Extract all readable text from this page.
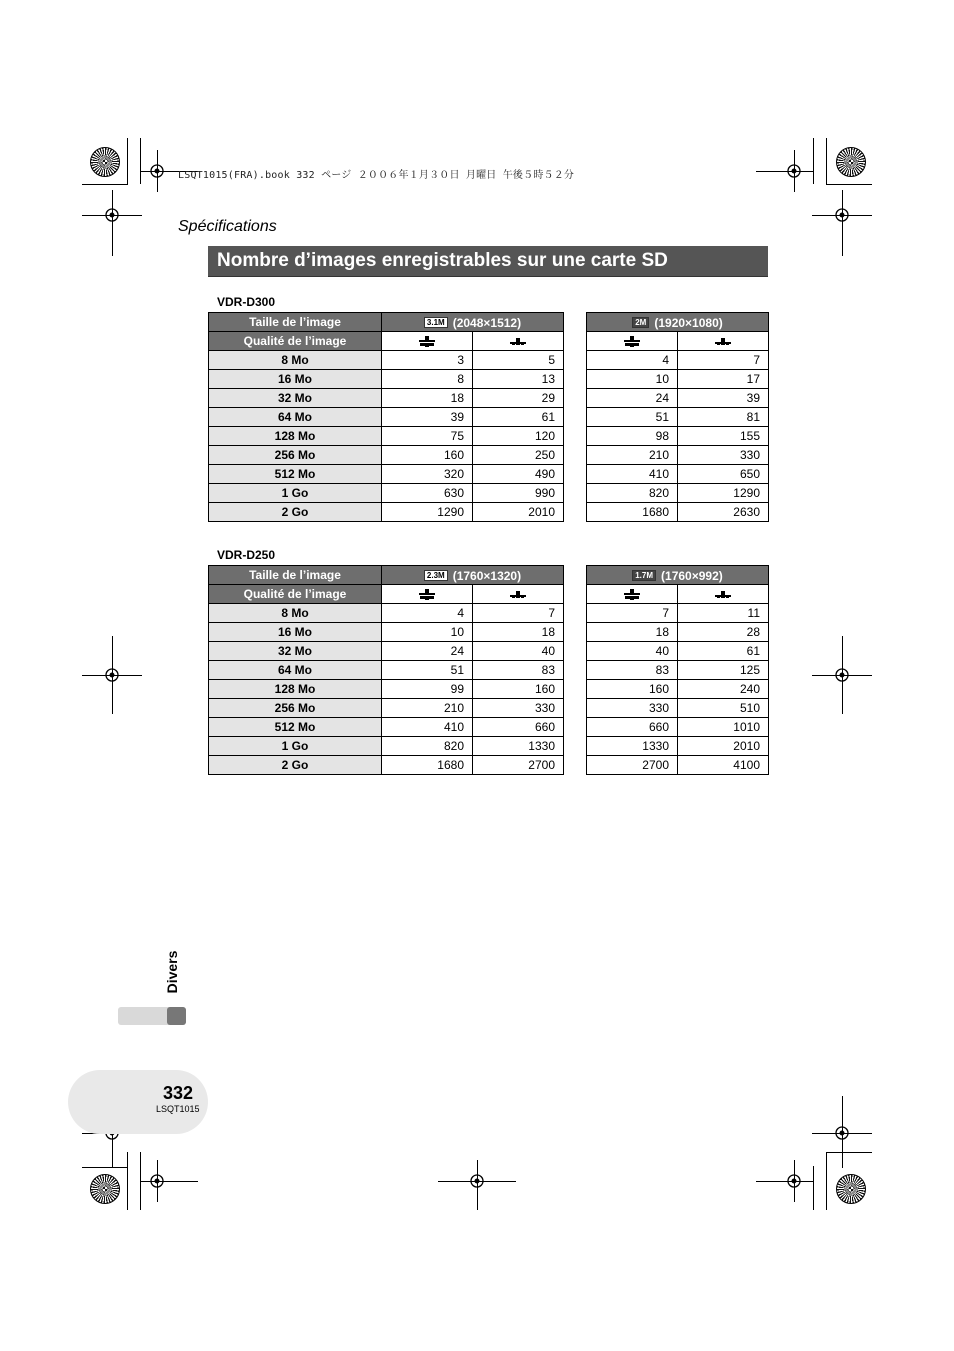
LSQT1015(FRA).book 332 ページ ２００６年１月３０日 月曜日 午後５時５２分
Spécifications
Nombre d’images enregistrables sur une carte SD
VDR-D300
Taille de l’image	3.1M (2048×1512)			2M (1920×1080)	
Qualité de l’image	

8 Mo	3	5		4	7
16 Mo	8	13		10	17
32 Mo	18	29		24	39
64 Mo	39	61		51	81
128 Mo	75	120		98	155
256 Mo	160	250		210	330
512 Mo	320	490		410	650
1 Go	630	990		820	1290
2 Go	1290	2010		1680	2630
VDR-D250
Taille de l’image	2.3M (1760×1320)			1.7M (1760×992)	
Qualité de l’image	

8 Mo	4	7		7	11
16 Mo	10	18		18	28
32 Mo	24	40		40	61
64 Mo	51	83		83	125
128 Mo	99	160		160	240
256 Mo	210	330		330	510
512 Mo	410	660		660	1010
1 Go	820	1330		1330	2010
2 Go	1680	2700		2700	4100
Divers
332
LSQT1015
